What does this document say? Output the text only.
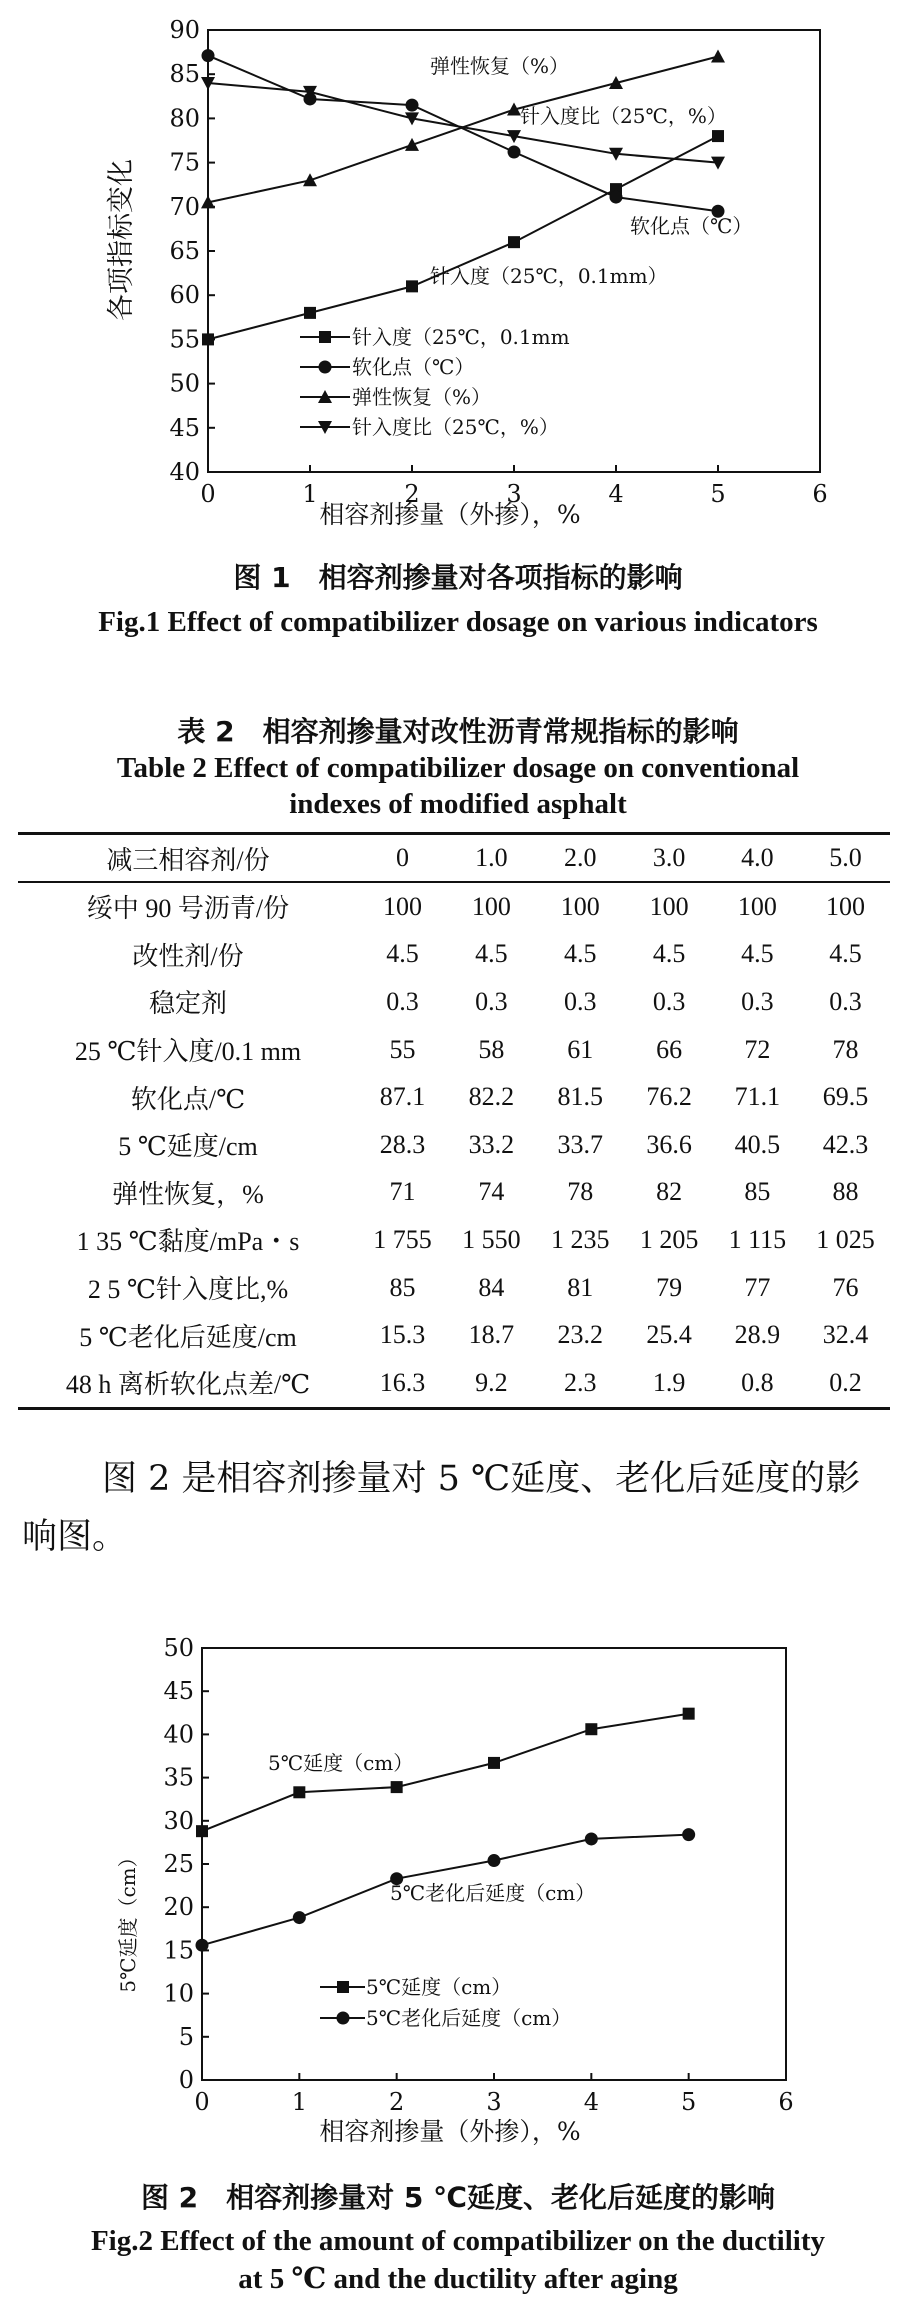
0	1	2	3	4	5	6
40
45
50
55
60
65
70
75
80
85
90
相容剂掺量（外掺），%
各项指标变化
弹性恢复（%）
针入度比（25℃，%）
软化点（℃）
针入度（25℃，0.1mm）
针入度（25℃，0.1mm
软化点（℃）
弹性恢复（%）
针入度比（25℃，%）
图 1　相容剂掺量对各项指标的影响
Fig.1 Effect of compatibilizer dosage on various indicators
表 2　相容剂掺量对改性沥青常规指标的影响
Table 2 Effect of compatibilizer dosage on conventional
indexes of modified asphalt
减三相容剂/份	0	1.0	2.0	3.0	4.0	5.0
绥中 90 号沥青/份	100	100	100	100	100	100
改性剂/份	4.5	4.5	4.5	4.5	4.5	4.5
稳定剂	0.3	0.3	0.3	0.3	0.3	0.3
25 ℃针入度/0.1 mm	55	58	61	66	72	78
软化点/℃	87.1	82.2	81.5	76.2	71.1	69.5
5 ℃延度/cm	28.3	33.2	33.7	36.6	40.5	42.3
弹性恢复，%	71	74	78	82	85	88
1 35 ℃黏度/mPa・s	1 755	1 550	1 235	1 205	1 115	1 025
2 5 ℃针入度比,%	85	84	81	79	77	76
5 ℃老化后延度/cm	15.3	18.7	23.2	25.4	28.9	32.4
48 h 离析软化点差/℃	16.3	9.2	2.3	1.9	0.8	0.2
图 2 是相容剂掺量对 5 ℃延度、老化后延度的影响图。
0	1	2	3	4	5	6
0
5
10
15
20
25
30
35
40
45
50
相容剂掺量（外掺），%
5℃延度（cm）
5℃延度（cm）
5℃老化后延度（cm）
5℃延度（cm）
5℃老化后延度（cm）
图 2　相容剂掺量对 5 ℃延度、老化后延度的影响
Fig.2 Effect of the amount of compatibilizer on the ductility
at 5 ℃ and the ductility after aging
